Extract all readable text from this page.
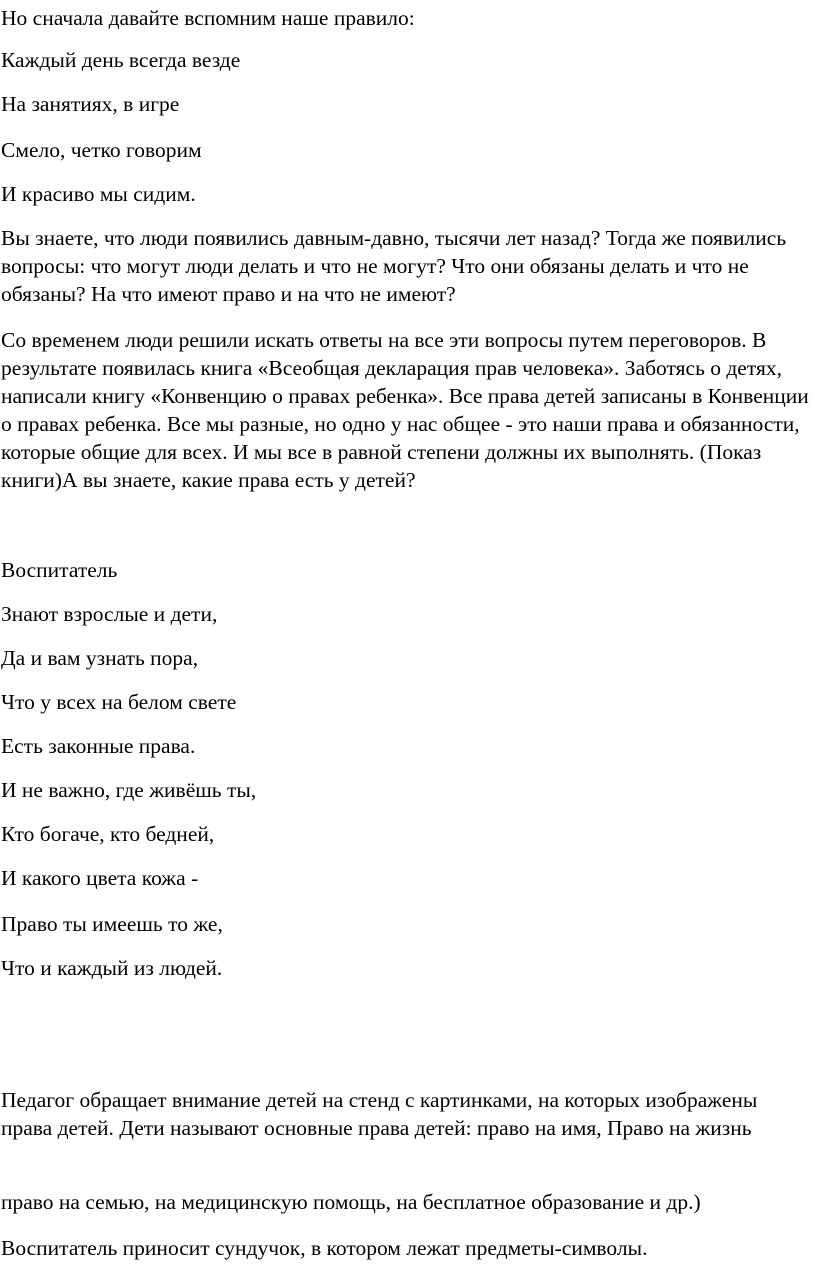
Но сначала давайте вспомним наше правило:

Каждый день всегда везде

На занятиях, в игре

Смело, четко говорим

И красиво мы сидим.

Вы знаете, что люди появились давным-давно, тысячи лет назад? Тогда же появились вопросы: что могут люди делать и что не могут? Что они обязаны делать и что не обязаны? На что имеют право и на что не имеют?

Со временем люди решили искать ответы на все эти вопросы путем переговоров. В результате появилась книга «Всеобщая декларация прав человека». Заботясь о детях, написали книгу «Конвенцию о правах ребенка». Все права детей записаны в Конвенции о правах ребенка. Все мы разные, но одно у нас общее - это наши права и обязанности, которые общие для всех. И мы все в равной степени должны их выполнять. (Показ книги)А вы знаете, какие права есть у детей?

Воспитатель

Знают взрослые и дети,

Да и вам узнать пора,

Что у всех на белом свете

Есть законные права.

И не важно, где живёшь ты,

Кто богаче, кто бедней,

И какого цвета кожа -

Право ты имеешь то же,

Что и каждый из людей.

Педагог обращает внимание детей на стенд с картинками, на которых изображены права детей. Дети называют основные права детей: право на имя, Право на жизнь

право на семью, на медицинскую помощь, на бесплатное образование и др.)

Воспитатель приносит сундучок, в котором лежат предметы-символы.
